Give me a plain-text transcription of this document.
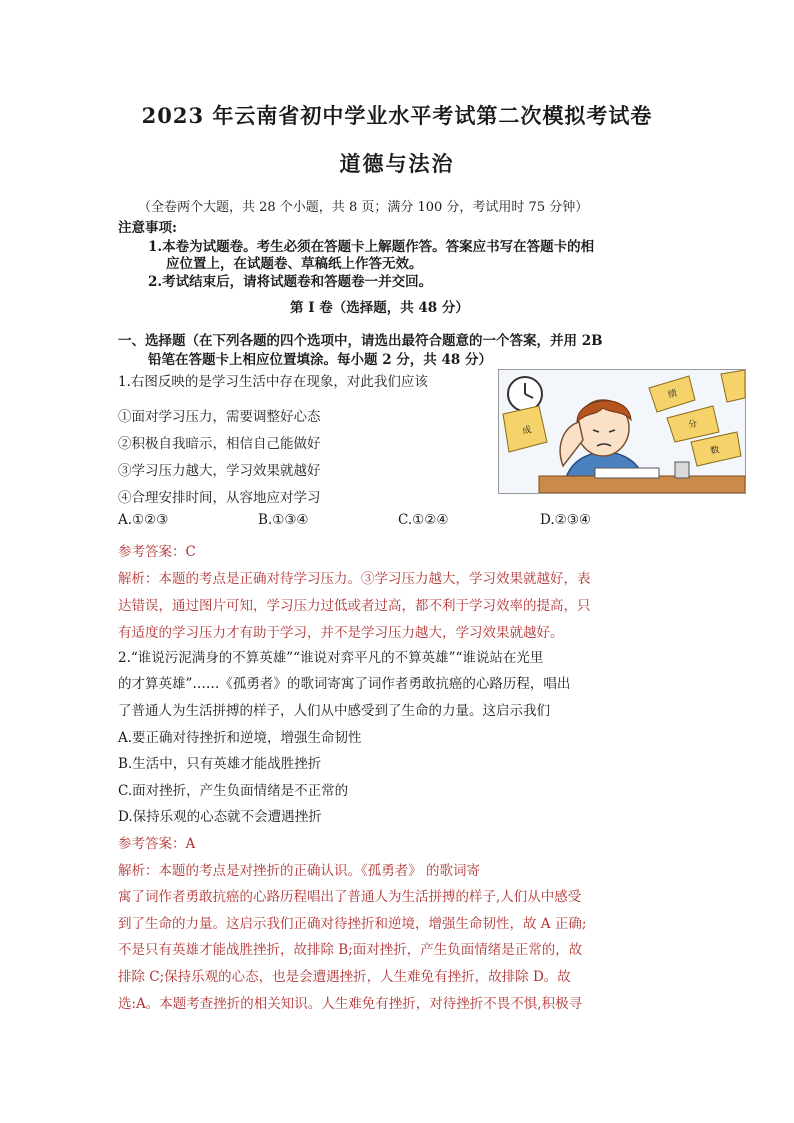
2023 年云南省初中学业水平考试第二次模拟考试卷
道德与法治
（全卷两个大题，共 28 个小题，共 8 页；满分 100 分，考试用时 75 分钟）
注意事项:
1.本卷为试题卷。考生必须在答题卡上解题作答。答案应书写在答题卡的相
应位置上，在试题卷、草稿纸上作答无效。
2.考试结束后，请将试题卷和答题卷一并交回。
第 I 卷（选择题，共 48 分）
一、选择题（在下列各题的四个选项中，请选出最符合题意的一个答案，并用 2B
铅笔在答题卡上相应位置填涂。每小题 2 分，共 48 分）
1.右图反映的是学习生活中存在现象，对此我们应该
①面对学习压力，需要调整好心态
②积极自我暗示，相信自己能做好
③学习压力越大，学习效果就越好
④合理安排时间，从容地应对学习
A.①②③	B.①③④	C.①②④	D.②③④
参考答案：C
解析：本题的考点是正确对待学习压力。③学习压力越大，学习效果就越好，表
达错误，通过图片可知，学习压力过低或者过高，都不利于学习效率的提高，只
有适度的学习压力才有助于学习，并不是学习压力越大，学习效果就越好。
2.“谁说污泥满身的不算英雄”“谁说对弈平凡的不算英雄”“谁说站在光里
的才算英雄”……《孤勇者》的歌词寄寓了词作者勇敢抗癌的心路历程，唱出
了普通人为生活拼搏的样子，人们从中感受到了生命的力量。这启示我们
A.要正确对待挫折和逆境，增强生命韧性
B.生活中，只有英雄才能战胜挫折
C.面对挫折，产生负面情绪是不正常的
D.保持乐观的心态就不会遭遇挫折
参考答案：A
解析：本题的考点是对挫折的正确认识。《孤勇者》 的歌词寄
寓了词作者勇敢抗癌的心路历程唱出了普通人为生活拼搏的样子,人们从中感受
到了生命的力量。这启示我们正确对待挫折和逆境，增强生命韧性，故 A 正确;
不是只有英雄才能战胜挫折，故排除 B;面对挫折，产生负面情绪是正常的，故
排除 C;保持乐观的心态，也是会遭遇挫折，人生难免有挫折，故排除 D。故
选:A。本题考查挫折的相关知识。人生难免有挫折，对待挫折不畏不惧,积极寻
成
绩
分
数
